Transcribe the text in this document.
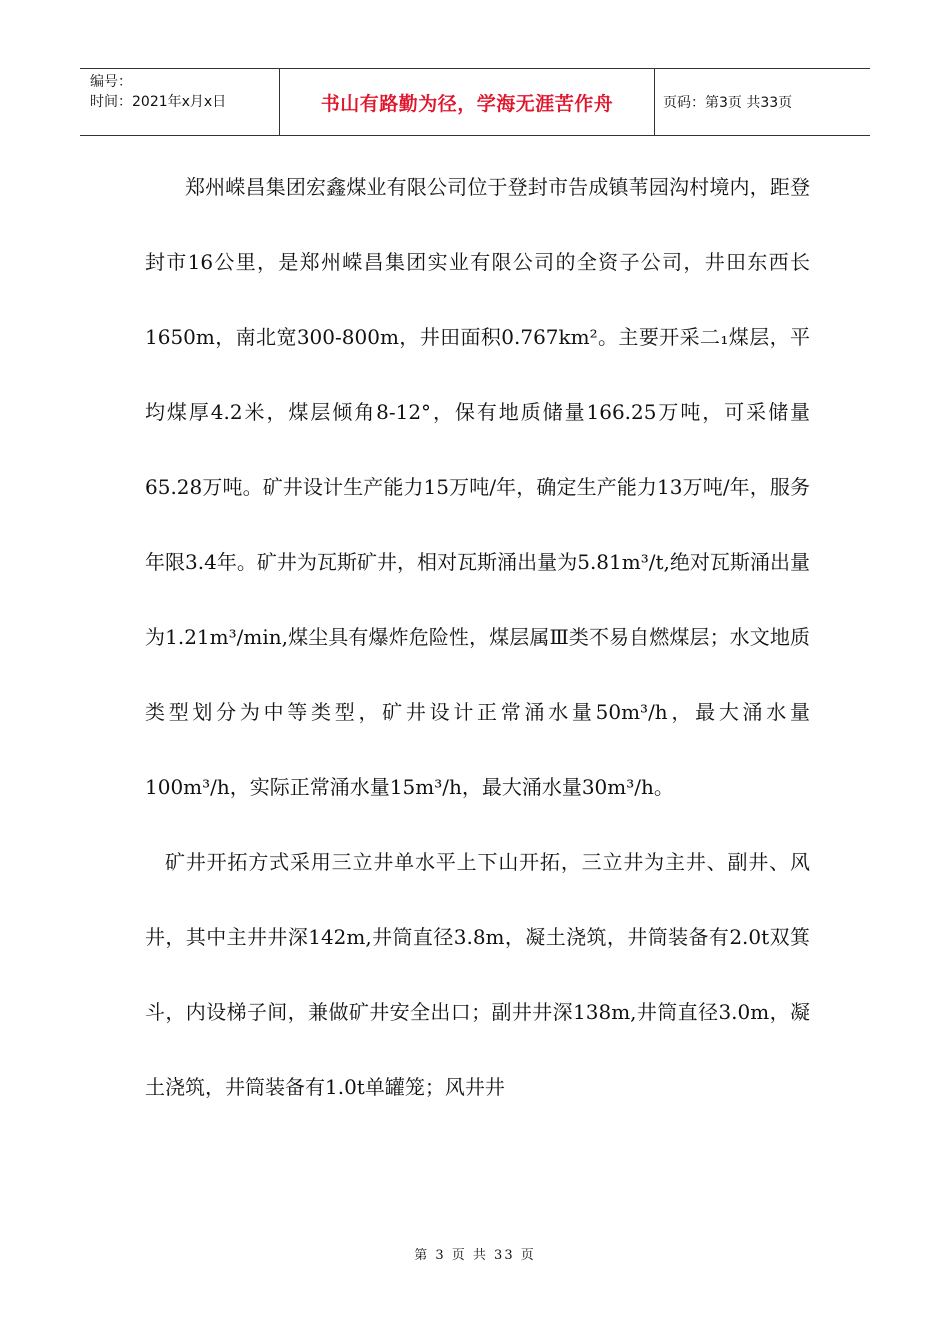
编号：
时间：2021年x月x日	书山有路勤为径，学海无涯苦作舟	页码：第3页 共33页

郑州嵘昌集团宏鑫煤业有限公司位于登封市告成镇苇园沟村境内，距登封市16公里，是郑州嵘昌集团实业有限公司的全资子公司，井田东西长1650m，南北宽300-800m，井田面积0.767km²。主要开采二₁煤层，平均煤厚4.2米，煤层倾角8-12°，保有地质储量166.25万吨，可采储量65.28万吨。矿井设计生产能力15万吨/年，确定生产能力13万吨/年，服务年限3.4年。矿井为瓦斯矿井，相对瓦斯涌出量为5.81m³/t,绝对瓦斯涌出量为1.21m³/min,煤尘具有爆炸危险性，煤层属Ⅲ类不易自燃煤层；水文地质类型划分为中等类型，矿井设计正常涌水量50m³/h，最大涌水量100m³/h，实际正常涌水量15m³/h，最大涌水量30m³/h。

矿井开拓方式采用三立井单水平上下山开拓，三立井为主井、副井、风井，其中主井井深142m,井筒直径3.8m，凝土浇筑，井筒装备有2.0t双箕斗，内设梯子间，兼做矿井安全出口；副井井深138m,井筒直径3.0m，凝土浇筑，井筒装备有1.0t单罐笼；风井井

第 3 页 共 33 页
